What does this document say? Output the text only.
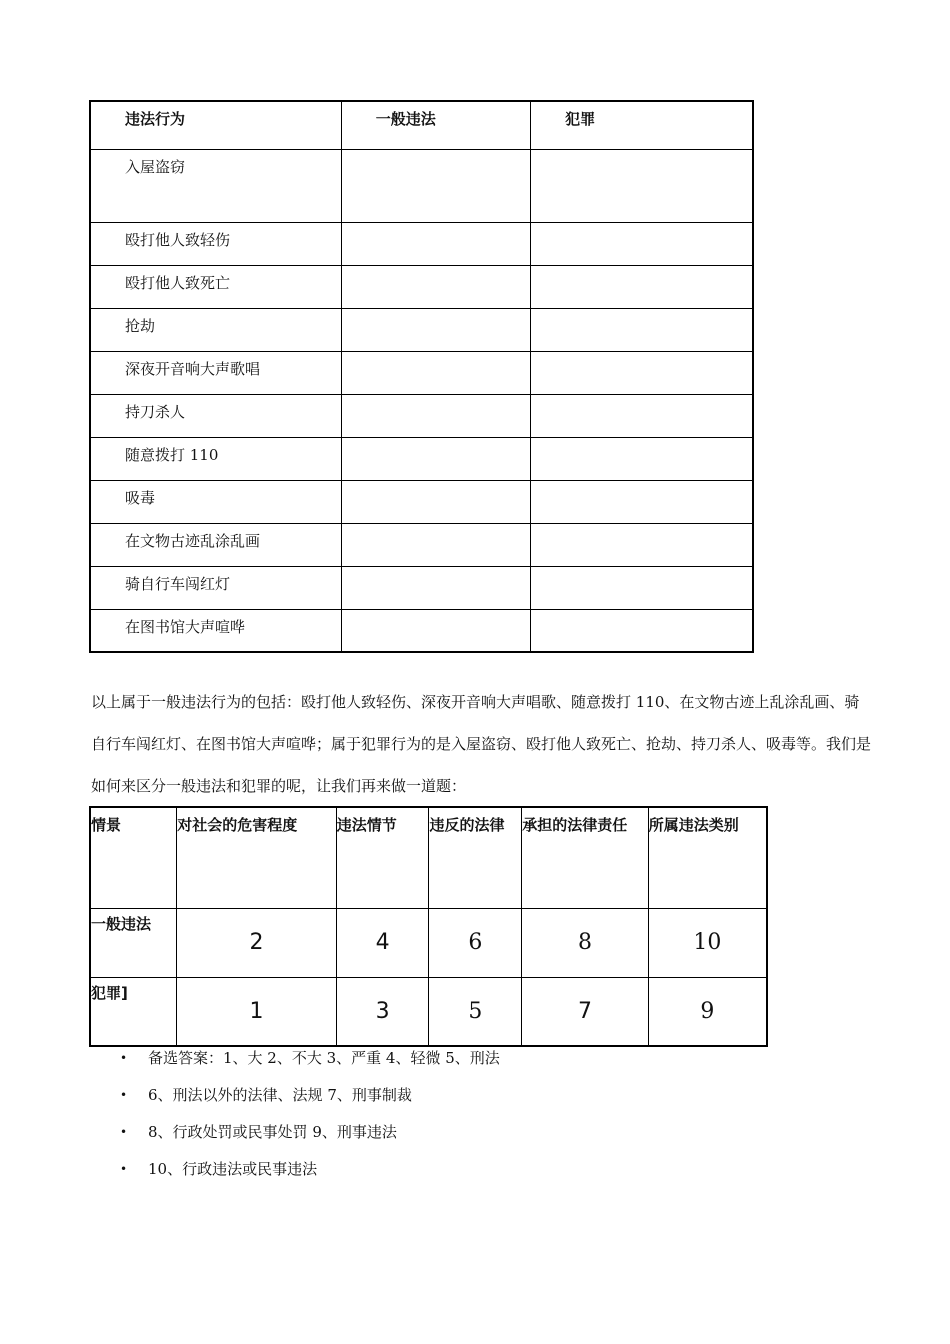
违法行为	一般违法	犯罪
入屋盗窃		
殴打他人致轻伤		
殴打他人致死亡		
抢劫		
深夜开音响大声歌唱		
持刀杀人		
随意拨打 110		
吸毒		
在文物古迹乱涂乱画		
骑自行车闯红灯		
在图书馆大声喧哗		

以上属于一般违法行为的包括：殴打他人致轻伤、深夜开音响大声唱歌、随意拨打 110、在文物古迹上乱涂乱画、骑自行车闯红灯、在图书馆大声喧哗；属于犯罪行为的是入屋盗窃、殴打他人致死亡、抢劫、持刀杀人、吸毒等。我们是如何来区分一般违法和犯罪的呢，让我们再来做一道题：

情景	对社会的危害程度	违法情节	违反的法律	承担的法律责任	所属违法类别
一般违法	2	4	6	8	10
犯罪]	1	3	5	7	9
• 备选答案：1、大 2、不大 3、严重 4、轻微 5、刑法
• 6、刑法以外的法律、法规 7、刑事制裁
• 8、行政处罚或民事处罚 9、刑事违法
• 10、行政违法或民事违法
